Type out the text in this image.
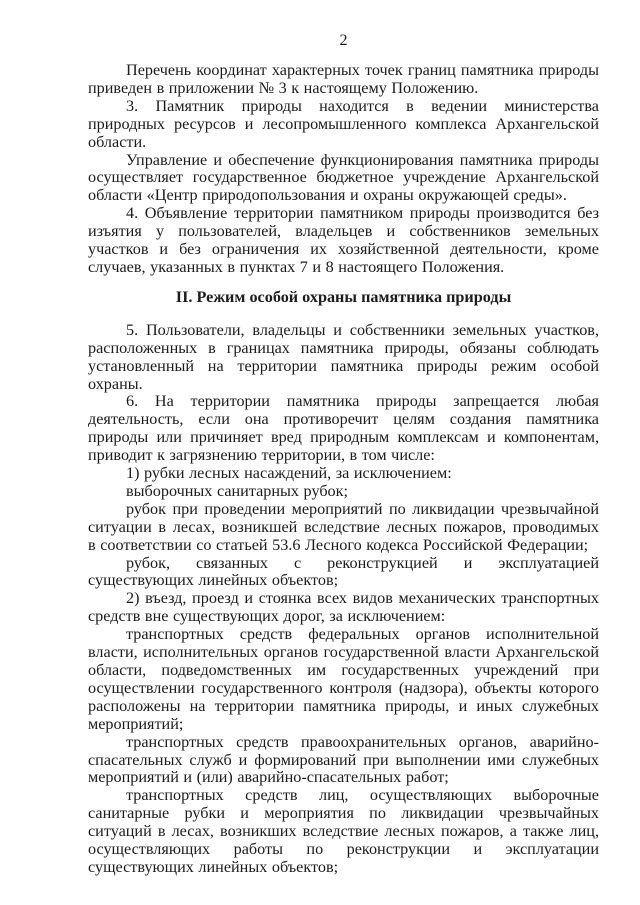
2

Перечень координат характерных точек границ памятника природы приведен в приложении № 3 к настоящему Положению.

3. Памятник природы находится в ведении министерства природных ресурсов и лесопромышленного комплекса Архангельской области.

Управление и обеспечение функционирования памятника природы осуществляет государственное бюджетное учреждение Архангельской области «Центр природопользования и охраны окружающей среды».

4. Объявление территории памятником природы производится без изъятия у пользователей, владельцев и собственников земельных участков и без ограничения их хозяйственной деятельности, кроме случаев, указанных в пунктах 7 и 8 настоящего Положения.

II. Режим особой охраны памятника природы

5. Пользователи, владельцы и собственники земельных участков, расположенных в границах памятника природы, обязаны соблюдать установленный на территории памятника природы режим особой охраны.

6. На территории памятника природы запрещается любая деятельность, если она противоречит целям создания памятника природы или причиняет вред природным комплексам и компонентам, приводит к загрязнению территории, в том числе:

1) рубки лесных насаждений, за исключением:

выборочных санитарных рубок;

рубок при проведении мероприятий по ликвидации чрезвычайной ситуации в лесах, возникшей вследствие лесных пожаров, проводимых в соответствии со статьей 53.6 Лесного кодекса Российской Федерации;

рубок, связанных с реконструкцией и эксплуатацией существующих линейных объектов;

2) въезд, проезд и стоянка всех видов механических транспортных средств вне существующих дорог, за исключением:

транспортных средств федеральных органов исполнительной власти, исполнительных органов государственной власти Архангельской области, подведомственных им государственных учреждений при осуществлении государственного контроля (надзора), объекты которого расположены на территории памятника природы, и иных служебных мероприятий;

транспортных средств правоохранительных органов, аварийно-спасательных служб и формирований при выполнении ими служебных мероприятий и (или) аварийно-спасательных работ;

транспортных средств лиц, осуществляющих выборочные санитарные рубки и мероприятия по ликвидации чрезвычайных ситуаций в лесах, возникших вследствие лесных пожаров, а также лиц, осуществляющих работы по реконструкции и эксплуатации существующих линейных объектов;
